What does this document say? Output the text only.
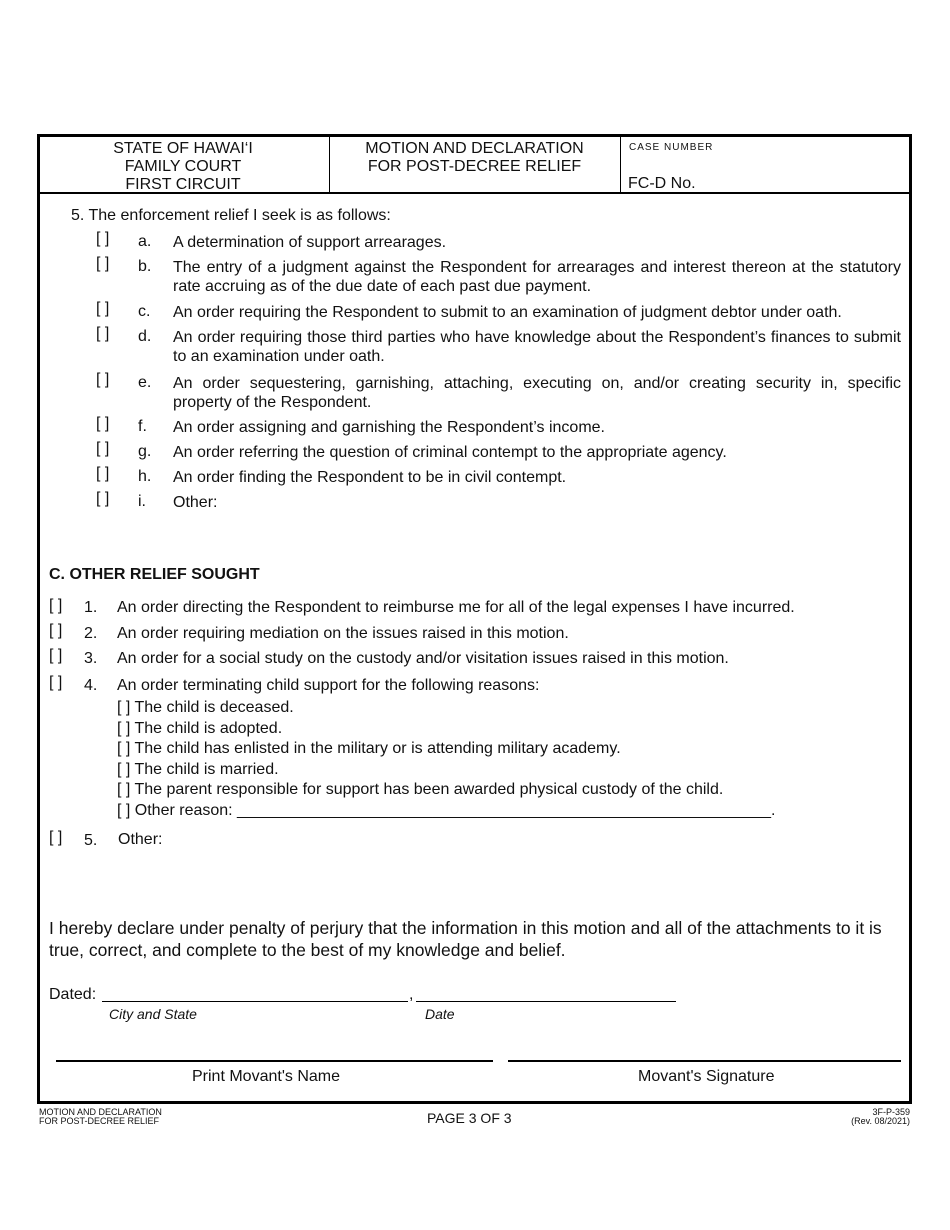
STATE OF HAWAI‘I
FAMILY COURT
FIRST CIRCUIT
MOTION AND DECLARATION
FOR POST-DECREE RELIEF
CASE NUMBER
FC-D No.
5. The enforcement relief I seek is as follows:
[ ] a. A determination of support arrearages.
[ ] b. The entry of a judgment against the Respondent for arrearages and interest thereon at the statutory rate accruing as of the due date of each past due payment.
[ ] c. An order requiring the Respondent to submit to an examination of judgment debtor under oath.
[ ] d. An order requiring those third parties who have knowledge about the Respondent’s finances to submit to an examination under oath.
[ ] e. An order sequestering, garnishing, attaching, executing on, and/or creating security in, specific property of the Respondent.
[ ] f. An order assigning and garnishing the Respondent’s income.
[ ] g. An order referring the question of criminal contempt to the appropriate agency.
[ ] h. An order finding the Respondent to be in civil contempt.
[ ] i. Other:
C. OTHER RELIEF SOUGHT
[ ] 1. An order directing the Respondent to reimburse me for all of the legal expenses I have incurred.
[ ] 2. An order requiring mediation on the issues raised in this motion.
[ ] 3. An order for a social study on the custody and/or visitation issues raised in this motion.
[ ] 4. An order terminating child support for the following reasons:
[ ] The child is deceased.
[ ] The child is adopted.
[ ] The child has enlisted in the military or is attending military academy.
[ ] The child is married.
[ ] The parent responsible for support has been awarded physical custody of the child.
[ ] Other reason: ____________________________________________________________.
[ ] 5. Other:
I hereby declare under penalty of perjury that the information in this motion and all of the attachments to it is true, correct, and complete to the best of my knowledge and belief.
Dated:	,
City and State	Date
Print Movant's Name	Movant's Signature
MOTION AND DECLARATION
FOR POST-DECREE RELIEF	PAGE 3 OF 3	3F-P-359
(Rev. 08/2021)
